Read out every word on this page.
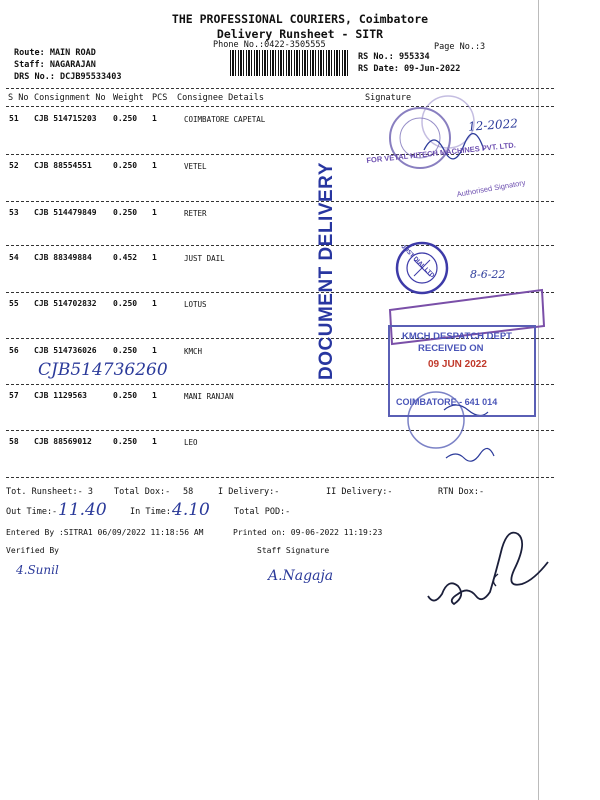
THE PROFESSIONAL COURIERS, Coimbatore
Delivery Runsheet - SITR
Phone No.:0422-3505555	Page No.:3
Route: MAIN ROAD
Staff: NAGARAJAN
DRS No.: DCJB95533403
RS No.: 955334
RS Date: 09-Jun-2022
S No Consignment No Weight PCS Consignee Details	Signature
51 CJB 514715203 0.250 1	COIMBATORE CAPETAL
52 CJB 88554551	0.250 1	VETEL
53 CJB 514479849 0.250 1	RETER
54 CJB 88349884	0.452 1	JUST DAIL
55 CJB 514702832 0.250 1	LOTUS
56 CJB 514736026 0.250 1	KMCH
CJB514736260
57 CJB 1129563	0.250 1	MANI RANJAN
58 CJB 88569012	0.250 1	LEO
DOCUMENT DELIVERY
12-2022
FOR VETAL HITECH MACHINES PVT. LTD.
Authorised Signatory
JUST DIAL LTD	8-6-22
KMCH DESPATCH DEPT
RECEIVED ON
09 JUN 2022
COIMBATORE - 641 014
Tot. Runsheet:- 3 Total Dox:- 58	I Delivery:-	II Delivery:-	RTN Dox:-
Out Time:- 11.40	In Time:-
4.10	Total POD:-
Entered By :SITRA1 06/09/2022 11:18:56 AM	Printed on: 09-06-2022 11:19:23
Verified By	Staff Signature
4.Sunil	A.Nagaja
